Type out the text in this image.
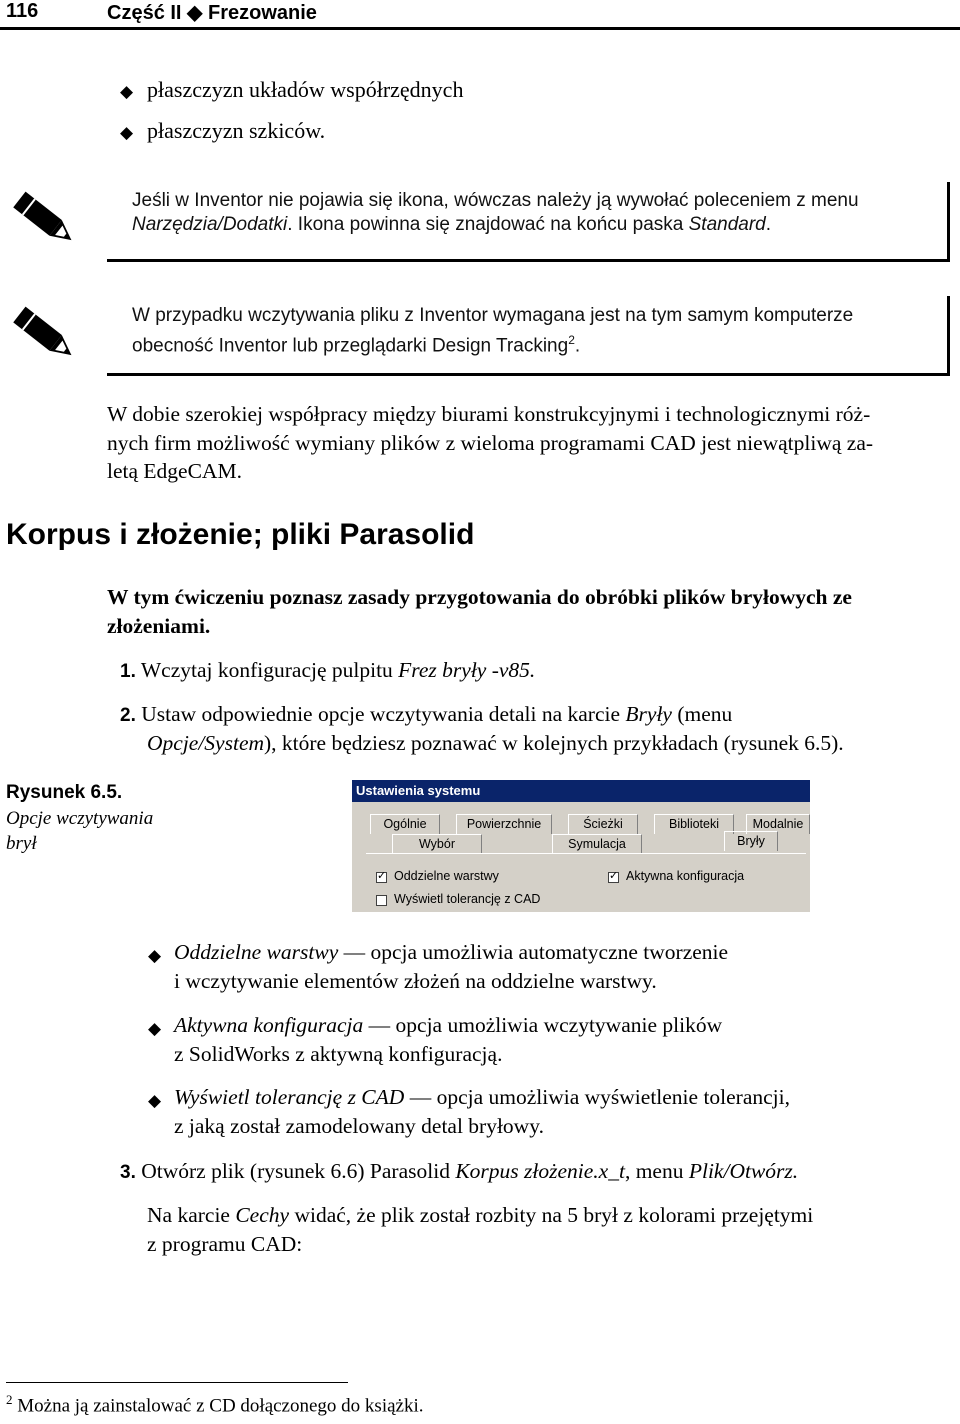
116	Część II ◆ Frezowanie
◆ płaszczyzn układów współrzędnych
◆ płaszczyzn szkiców.
Jeśli w Inventor nie pojawia się ikona, wówczas należy ją wywołać poleceniem z menu
Narzędzia/Dodatki. Ikona powinna się znajdować na końcu paska Standard.
W przypadku wczytywania pliku z Inventor wymagana jest na tym samym komputerze
obecność Inventor lub przeglądarki Design Tracking$^2$.
W dobie szerokiej współpracy między biurami konstrukcyjnymi i technologicznymi róż-
nych firm możliwość wymiany plików z wieloma programami CAD jest niewątpliwą za-
letą EdgeCAM.
Korpus i złożenie; pliki Parasolid
W tym ćwiczeniu poznasz zasady przygotowania do obróbki plików bryłowych ze
złożeniami.
1. Wczytaj konfigurację pulpitu Frez bryły -v85.
2. Ustaw odpowiednie opcje wczytywania detali na karcie Bryły (menu
Opcje/System), które będziesz poznawać w kolejnych przykładach (rysunek 6.5).
Rysunek 6.5.
Opcje wczytywania
brył
Ustawienia systemu
Ogólnie	Powierzchnie	Ścieżki	Biblioteki	Modalnie
Wybór	Symulacja	Bryły
✓ Oddzielne warstwy	✓ Aktywna konfiguracja
Wyświetl tolerancję z CAD
◆ Oddzielne warstwy — opcja umożliwia automatyczne tworzenie
i wczytywanie elementów złożeń na oddzielne warstwy.
◆ Aktywna konfiguracja — opcja umożliwia wczytywanie plików
z SolidWorks z aktywną konfiguracją.
◆ Wyświetl tolerancję z CAD — opcja umożliwia wyświetlenie tolerancji,
z jaką został zamodelowany detal bryłowy.
3. Otwórz plik (rysunek 6.6) Parasolid Korpus złożenie.x_t, menu Plik/Otwórz.
Na karcie Cechy widać, że plik został rozbity na 5 brył z kolorami przejętymi
z programu CAD:
$^2$ Można ją zainstalować z CD dołączonego do książki.
